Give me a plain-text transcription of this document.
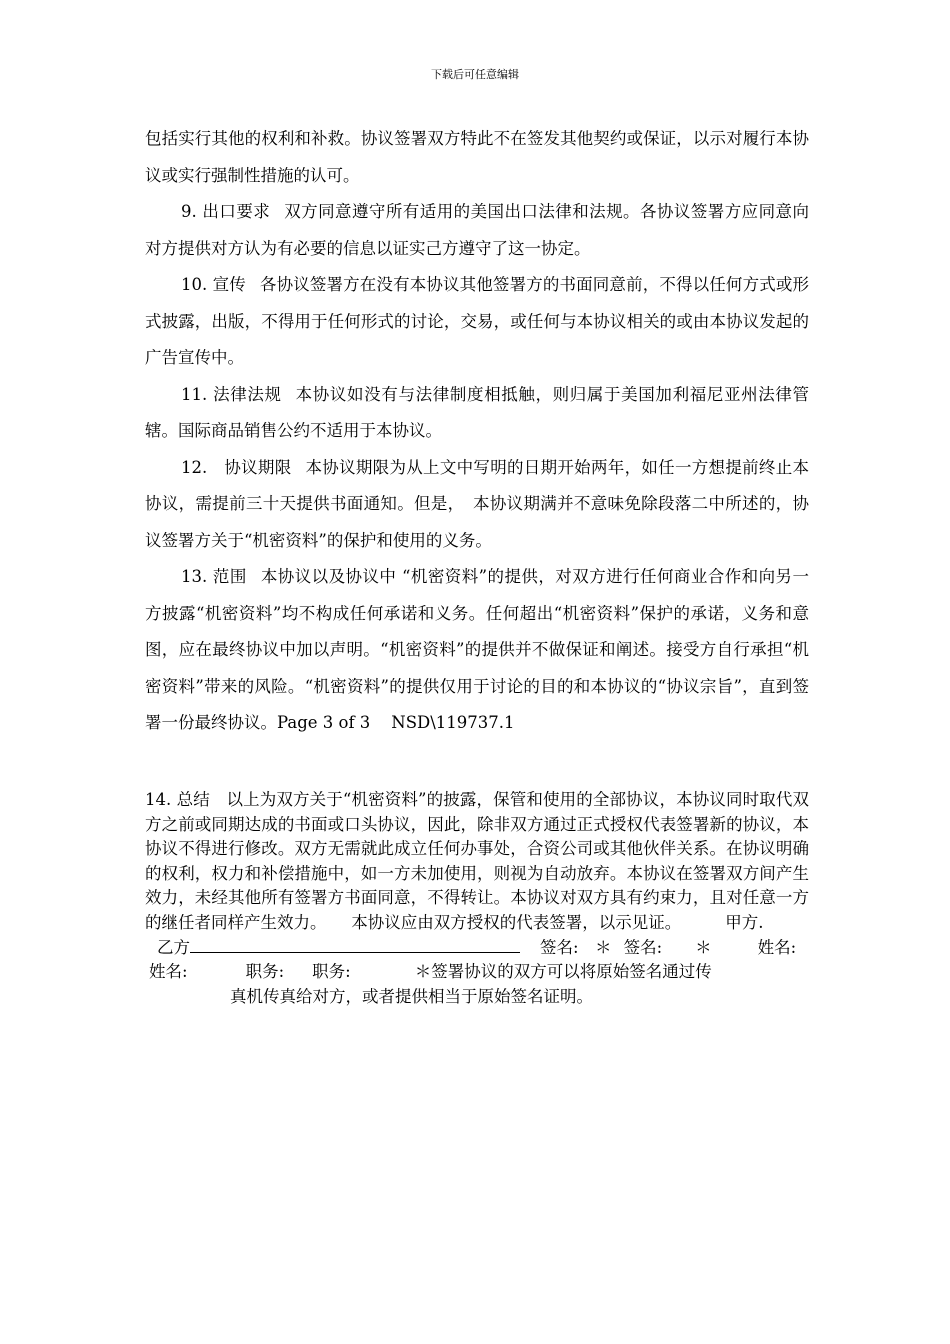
下载后可任意编辑

包括实行其他的权利和补救。协议签署双方特此不在签发其他契约或保证，以示对履行本协议或实行强制性措施的认可。

9. 出口要求 双方同意遵守所有适用的美国出口法律和法规。各协议签署方应同意向对方提供对方认为有必要的信息以证实己方遵守了这一协定。

10. 宣传 各协议签署方在没有本协议其他签署方的书面同意前，不得以任何方式或形式披露，出版，不得用于任何形式的讨论，交易，或任何与本协议相关的或由本协议发起的广告宣传中。

11. 法律法规 本协议如没有与法律制度相抵触，则归属于美国加利福尼亚州法律管辖。国际商品销售公约不适用于本协议。

12.　协议期限 本协议期限为从上文中写明的日期开始两年，如任一方想提前终止本协议，需提前三十天提供书面通知。但是，　本协议期满并不意味免除段落二中所述的，协议签署方关于“机密资料”的保护和使用的义务。

13. 范围 本协议以及协议中 “机密资料”的提供，对双方进行任何商业合作和向另一方披露“机密资料”均不构成任何承诺和义务。任何超出“机密资料”保护的承诺，义务和意图，应在最终协议中加以声明。“机密资料”的提供并不做保证和阐述。接受方自行承担“机密资料”带来的风险。“机密资料”的提供仅用于讨论的目的和本协议的“协议宗旨”，直到签署一份最终协议。Page 3 of 3    NSD\119737.1

14. 总结　以上为双方关于“机密资料”的披露，保管和使用的全部协议，本协议同时取代双方之前或同期达成的书面或口头协议，因此，除非双方通过正式授权代表签署新的协议，本协议不得进行修改。双方无需就此成立任何办事处，合资公司或其他伙伴关系。在协议明确的权利，权力和补偿措施中，如一方未加使用，则视为自动放弃。本协议在签署双方间产生效力，未经其他所有签署方书面同意，不得转让。本协议对双方具有约束力，且对任意一方的继任者同样产生效力。　　本协议应由双方授权的代表签署，以示见证。	甲方.
乙方	签名:　＊ 签名:　　＊	姓名:
姓名:	职务: 职务:	＊签署协议的双方可以将原始签名通过传

真机传真给对方，或者提供相当于原始签名证明。
